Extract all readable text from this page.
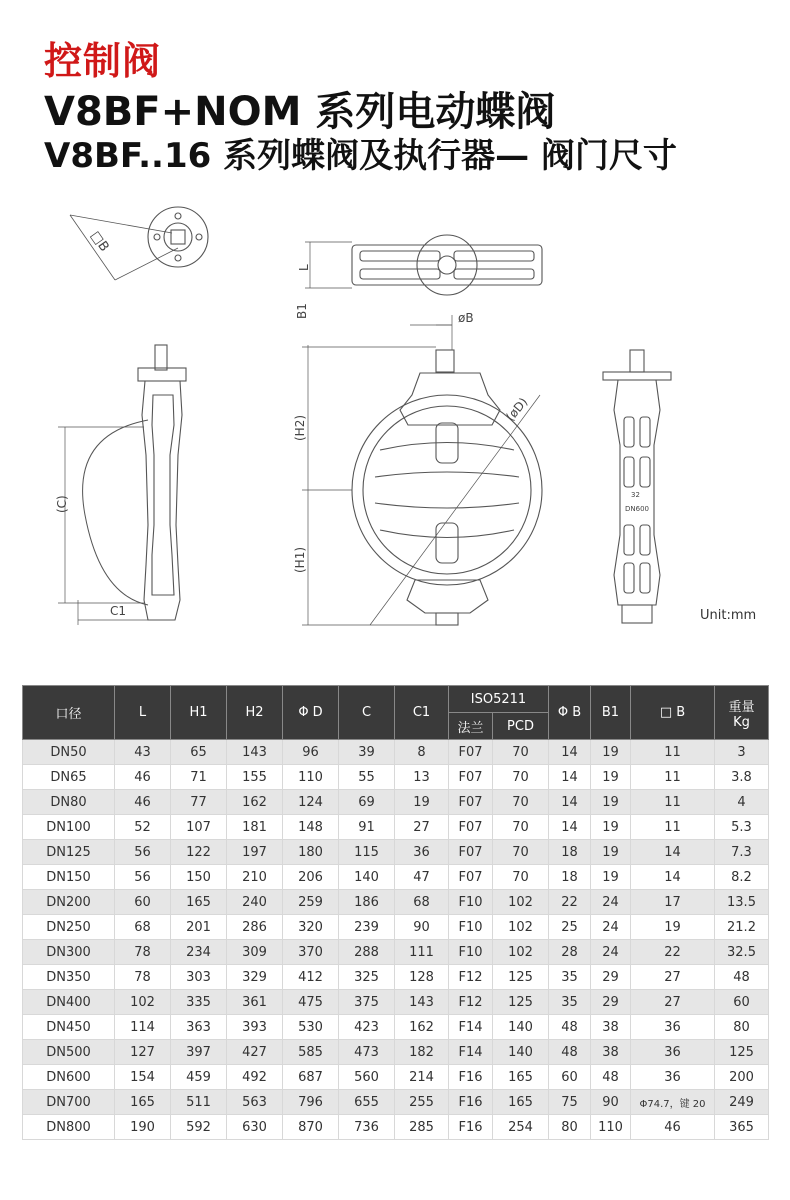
控制阀
V8BF+NOM 系列电动蝶阀
V8BF..16 系列蝶阀及执行器— 阀门尺寸
□B
(C)
C1
L
B1	øB
(øD)
(H2)
(H1)
32
DN600
Unit:mm
口径	L	H1	H2	Φ D	C	C1	ISO5211		Φ B	B1	□ B	重量
Kg

							法兰	PCD				
DN50	43	65	143	96	39	8	F07	70	14	19	11	3
DN65	46	71	155	110	55	13	F07	70	14	19	11	3.8
DN80	46	77	162	124	69	19	F07	70	14	19	11	4
DN100	52	107	181	148	91	27	F07	70	14	19	11	5.3
DN125	56	122	197	180	115	36	F07	70	18	19	14	7.3
DN150	56	150	210	206	140	47	F07	70	18	19	14	8.2
DN200	60	165	240	259	186	68	F10	102	22	24	17	13.5
DN250	68	201	286	320	239	90	F10	102	25	24	19	21.2
DN300	78	234	309	370	288	111	F10	102	28	24	22	32.5
DN350	78	303	329	412	325	128	F12	125	35	29	27	48
DN400	102	335	361	475	375	143	F12	125	35	29	27	60
DN450	114	363	393	530	423	162	F14	140	48	38	36	80
DN500	127	397	427	585	473	182	F14	140	48	38	36	125
DN600	154	459	492	687	560	214	F16	165	60	48	36	200
DN700	165	511	563	796	655	255	F16	165	75	90	Φ74.7，键 20	249
DN800	190	592	630	870	736	285	F16	254	80	110	46	365
